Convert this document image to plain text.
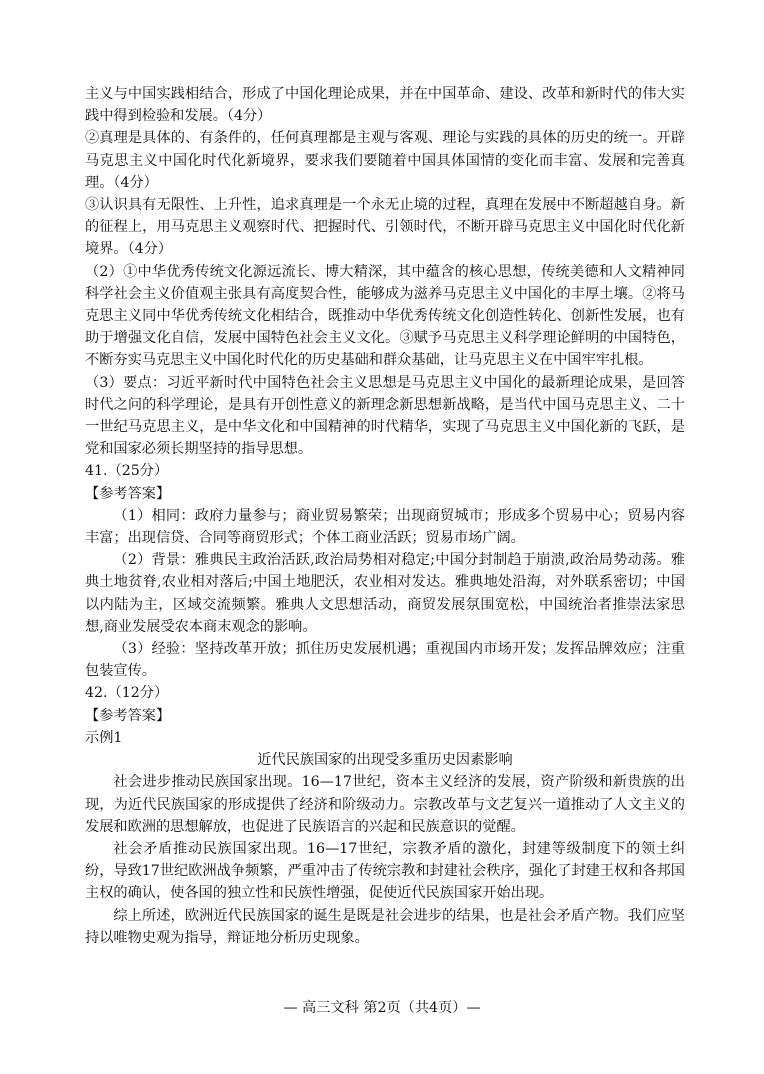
主义与中国实践相结合，形成了中国化理论成果，并在中国革命、建设、改革和新时代的伟大实践中得到检验和发展。（4分）

②真理是具体的、有条件的，任何真理都是主观与客观、理论与实践的具体的历史的统一。开辟马克思主义中国化时代化新境界，要求我们要随着中国具体国情的变化而丰富、发展和完善真理。（4分）

③认识具有无限性、上升性，追求真理是一个永无止境的过程，真理在发展中不断超越自身。新的征程上，用马克思主义观察时代、把握时代、引领时代，不断开辟马克思主义中国化时代化新境界。（4分）

（2）①中华优秀传统文化源远流长、博大精深，其中蕴含的核心思想，传统美德和人文精神同科学社会主义价值观主张具有高度契合性，能够成为滋养马克思主义中国化的丰厚土壤。②将马克思主义同中华优秀传统文化相结合，既推动中华优秀传统文化创造性转化、创新性发展，也有助于增强文化自信，发展中国特色社会主义文化。③赋予马克思主义科学理论鲜明的中国特色，不断夯实马克思主义中国化时代化的历史基础和群众基础，让马克思主义在中国牢牢扎根。

（3）要点：习近平新时代中国特色社会主义思想是马克思主义中国化的最新理论成果，是回答时代之问的科学理论，是具有开创性意义的新理念新思想新战略，是当代中国马克思主义、二十一世纪马克思主义，是中华文化和中国精神的时代精华，实现了马克思主义中国化新的飞跃，是党和国家必须长期坚持的指导思想。

41.（25分）

【参考答案】

（1）相同：政府力量参与；商业贸易繁荣；出现商贸城市；形成多个贸易中心；贸易内容丰富；出现信贷、合同等商贸形式；个体工商业活跃；贸易市场广阔。

（2）背景：雅典民主政治活跃,政治局势相对稳定;中国分封制趋于崩溃,政治局势动荡。雅典土地贫脊,农业相对落后;中国土地肥沃，农业相对发达。雅典地处沿海，对外联系密切；中国以内陆为主，区域交流频繁。雅典人文思想活动，商贸发展氛围宽松，中国统治者推崇法家思想,商业发展受农本商末观念的影响。

（3）经验：坚持改革开放；抓住历史发展机遇；重视国内市场开发；发挥品牌效应；注重包装宣传。

42.（12分）

【参考答案】

示例1

近代民族国家的出现受多重历史因素影响

社会进步推动民族国家出现。16—17世纪，资本主义经济的发展，资产阶级和新贵族的出现，为近代民族国家的形成提供了经济和阶级动力。宗教改革与文艺复兴一道推动了人文主义的发展和欧洲的思想解放，也促进了民族语言的兴起和民族意识的觉醒。

社会矛盾推动民族国家出现。16—17世纪，宗教矛盾的激化，封建等级制度下的领土纠纷，导致17世纪欧洲战争频繁，严重冲击了传统宗教和封建社会秩序，强化了封建王权和各邦国主权的确认，使各国的独立性和民族性增强，促使近代民族国家开始出现。

综上所述，欧洲近代民族国家的诞生是既是社会进步的结果，也是社会矛盾产物。我们应坚持以唯物史观为指导，辩证地分析历史现象。

— 高三文科 第2页（共4页）—
